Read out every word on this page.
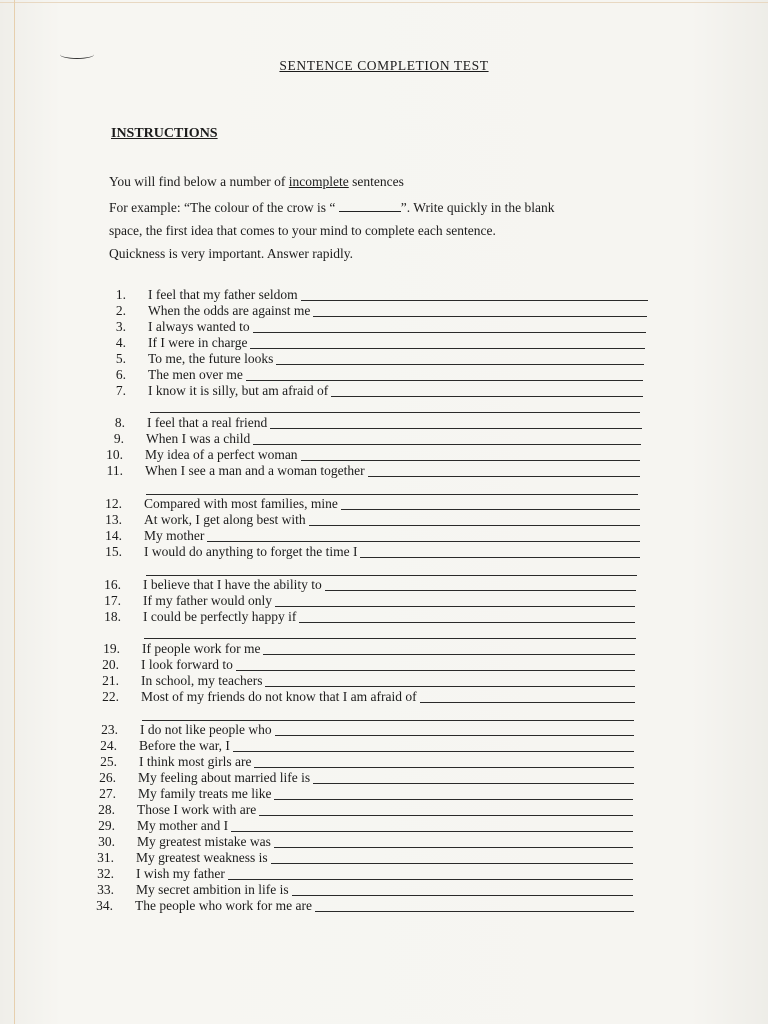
SENTENCE COMPLETION TEST
INSTRUCTIONS
You will find below a number of incomplete sentences
For example: “The colour of the crow is “	”. Write quickly in the blank
space, the first idea that comes to your mind to complete each sentence.
Quickness is very important. Answer rapidly.
1. I feel that my father seldom
2. When the odds are against me
3. I always wanted to
4. If I were in charge
5. To me, the future looks
6. The men over me
7. I know it is silly, but am afraid of
8. I feel that a real friend
9. When I was a child
10. My idea of a perfect woman
11. When I see a man and a woman together
12. Compared with most families, mine
13. At work, I get along best with
14. My mother
15. I would do anything to forget the time I
16. I believe that I have the ability to
17. If my father would only
18. I could be perfectly happy if
19. If people work for me
20. I look forward to
21. In school, my teachers
22. Most of my friends do not know that I am afraid of
23. I do not like people who
24. Before the war, I
25. I think most girls are
26. My feeling about married life is
27. My family treats me like
28. Those I work with are
29. My mother and I
30. My greatest mistake was
31. My greatest weakness is
32. I wish my father
33. My secret ambition in life is
34. The people who work for me are
